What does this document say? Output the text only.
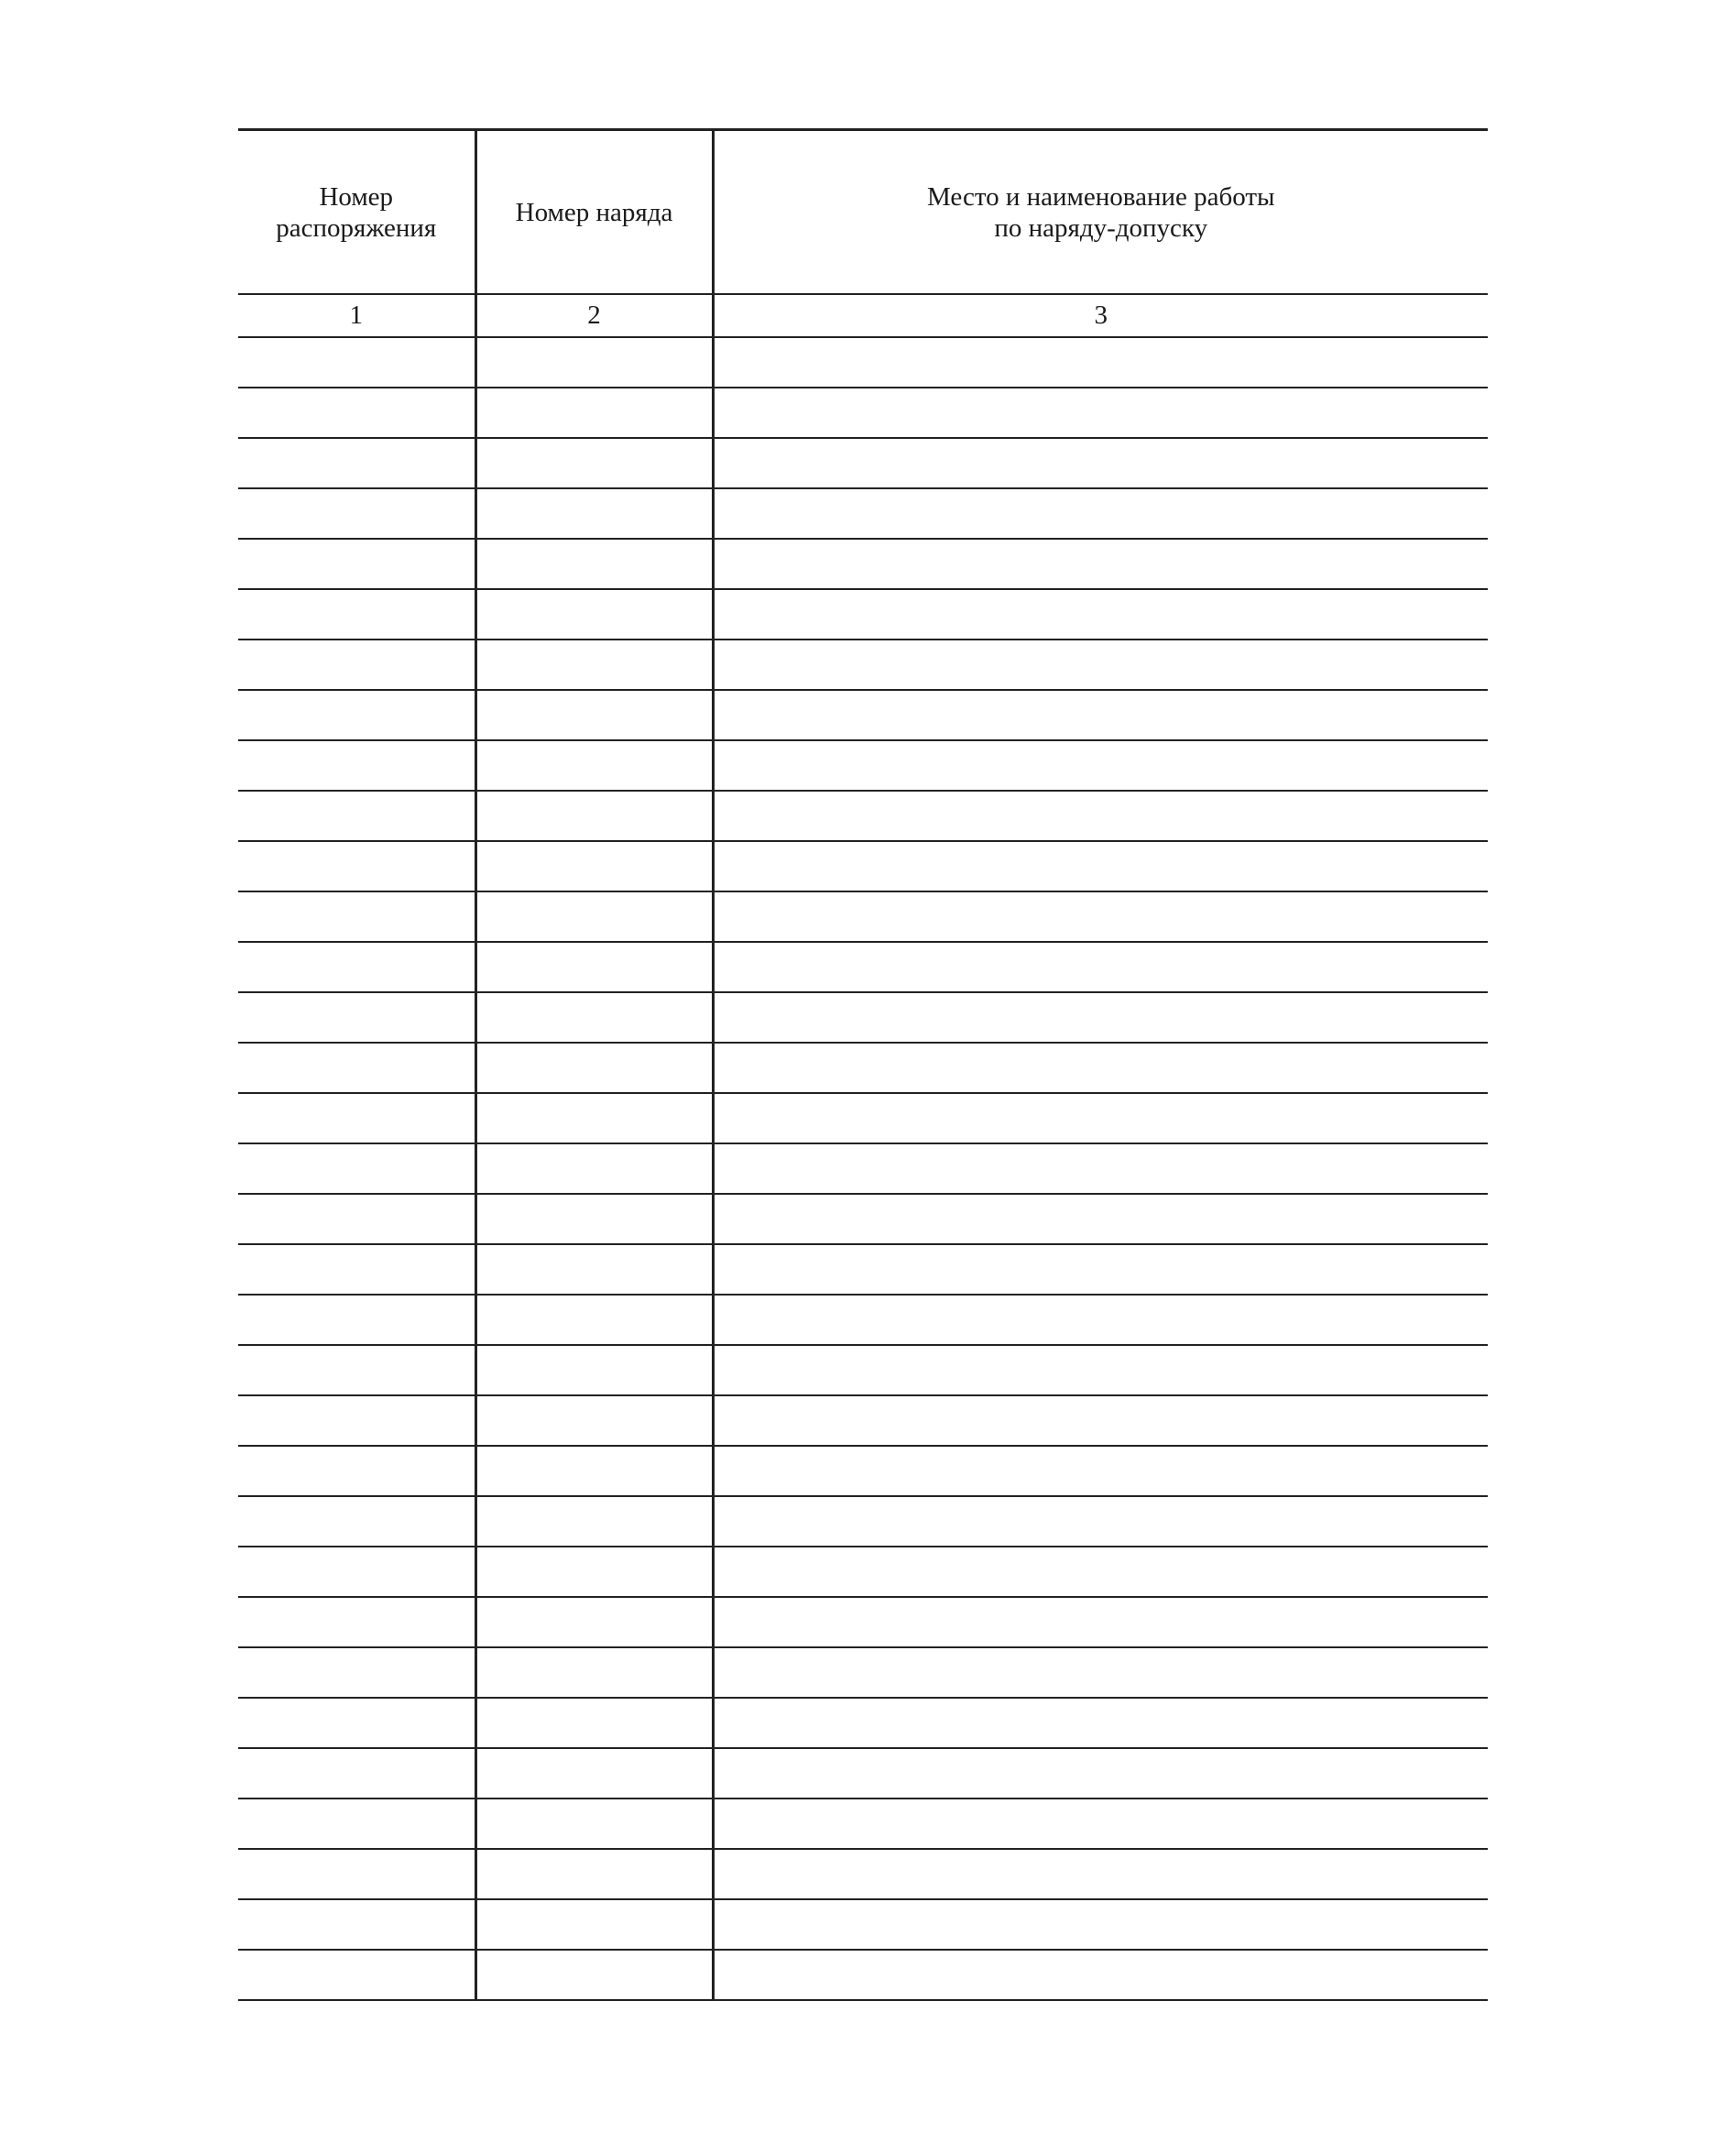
Номер
распоряжения	Номер наряда	Место и наименование работы
по наряду-допуску

1	2	3
